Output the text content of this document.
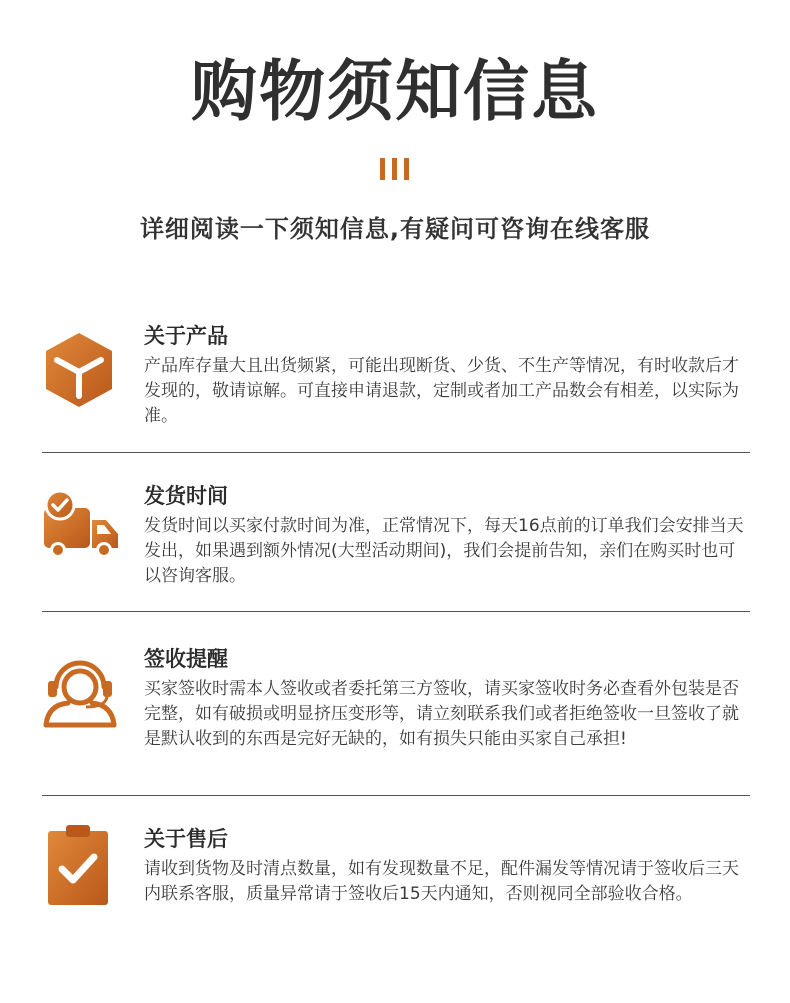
购物须知信息
详细阅读一下须知信息,有疑问可咨询在线客服
关于产品
产品库存量大且出货频紧，可能出现断货、少货、不生产等情况，有时收款后才发现的，敬请谅解。可直接申请退款，定制或者加工产品数会有相差，以实际为准。
发货时间
发货时间以买家付款时间为准，正常情况下，每天16点前的订单我们会安排当天发出，如果遇到额外情况(大型活动期间)，我们会提前告知，亲们在购买时也可以咨询客服。
签收提醒
买家签收时需本人签收或者委托第三方签收，请买家签收时务必查看外包装是否完整，如有破损或明显挤压变形等，请立刻联系我们或者拒绝签收一旦签收了就是默认收到的东西是完好无缺的，如有损失只能由买家自己承担!
关于售后
请收到货物及时清点数量，如有发现数量不足，配件漏发等情况请于签收后三天内联系客服，质量异常请于签收后15天内通知，否则视同全部验收合格。
